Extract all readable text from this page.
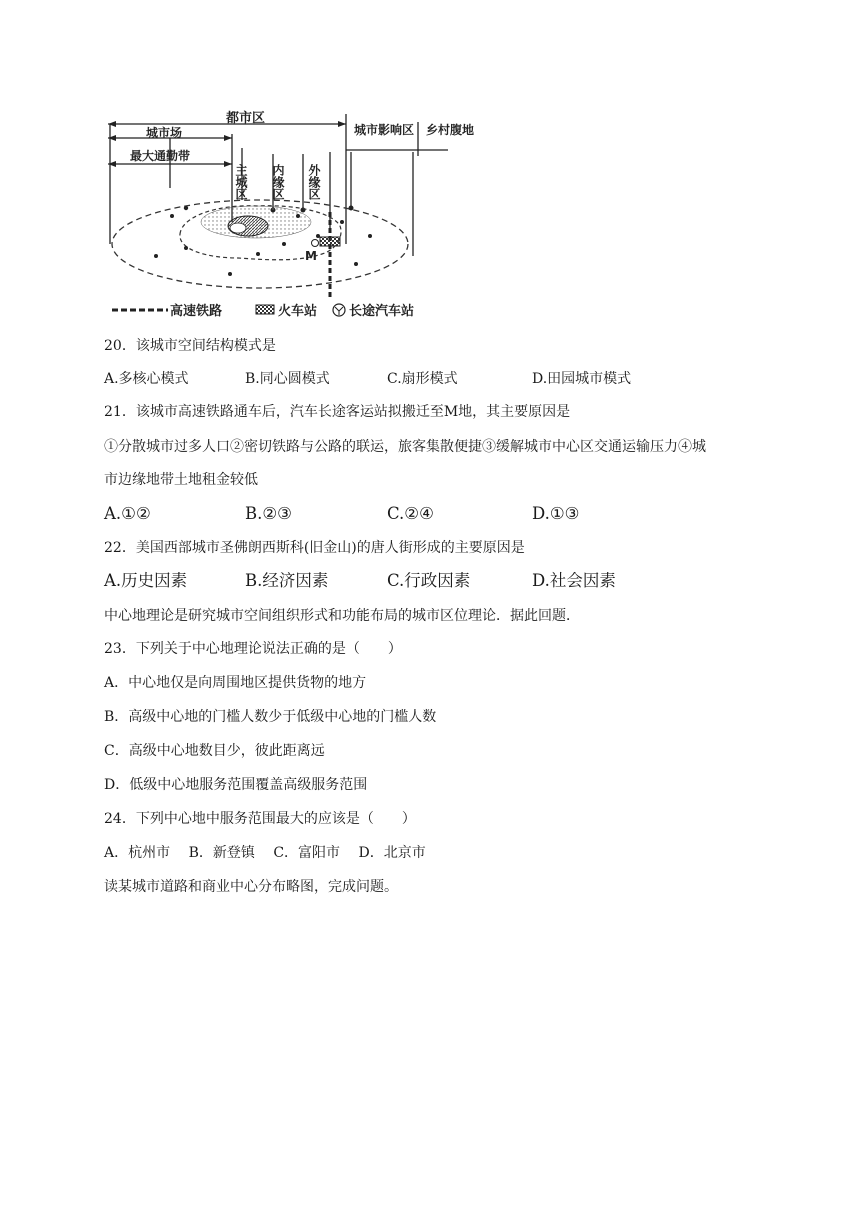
都市区
城市场
最大通勤带
城市影响区 乡村腹地
主城区 内缘区 外缘区
M
高速铁路	火车站 长途汽车站
20．该城市空间结构模式是
A.多核心模式	B.同心圆模式	C.扇形模式	D.田园城市模式
21．该城市高速铁路通车后，汽车长途客运站拟搬迁至M地，其主要原因是
①分散城市过多人口②密切铁路与公路的联运，旅客集散便捷③缓解城市中心区交通运输压力④城
市边缘地带土地租金较低
A.①②	B.②③	C.②④	D.①③
22．美国西部城市圣佛朗西斯科(旧金山)的唐人街形成的主要原因是
A.历史因素	B.经济因素	C.行政因素	D.社会因素
中心地理论是研究城市空间组织形式和功能布局的城市区位理论．据此回题．
23．下列关于中心地理论说法正确的是（　　）
A．中心地仅是向周围地区提供货物的地方
B．高级中心地的门槛人数少于低级中心地的门槛人数
C．高级中心地数目少，彼此距离远
D．低级中心地服务范围覆盖高级服务范围
24．下列中心地中服务范围最大的应该是（　　）
A．杭州市 B．新登镇 C．富阳市 D．北京市
读某城市道路和商业中心分布略图，完成问题。
